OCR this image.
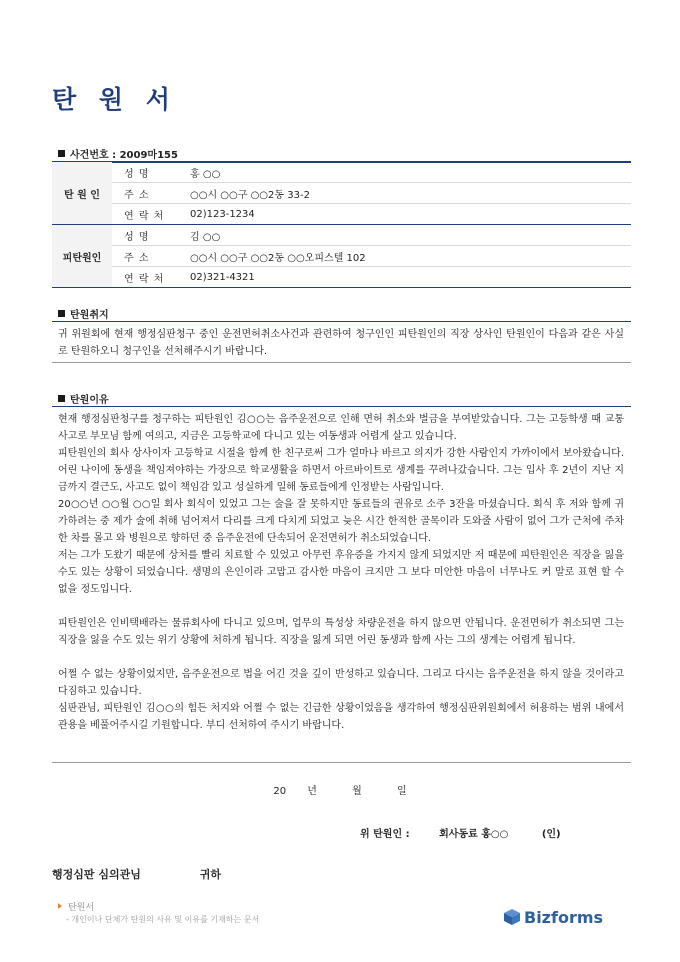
탄 원 서
사건번호 : 2009마155
탄 원 인	성 명	홍 ○○
	주 소	○○시 ○○구 ○○2동 33-2
	연 락 처	02)123-1234
피탄원인	성 명	김 ○○
	주 소	○○시 ○○구 ○○2동 ○○오피스텔 102
	연 락 처	02)321-4321
탄원취지
귀 위원회에 현재 행정심판청구 중인 운전면허취소사건과 관련하여 청구인인 피탄원인의 직장 상사인 탄원인이 다음과 같은 사실로 탄원하오니 청구인을 선처해주시기 바랍니다.
탄원이유

현재 행정심판청구를 청구하는 피탄원인 김○○는 음주운전으로 인해 면허 취소와 벌금을 부여받았습니다. 그는 고등학생 때 교통사고로 부모님 함께 여의고, 지금은 고등학교에 다니고 있는 여동생과 어렵게 살고 있습니다.

피탄원인의 회사 상사이자 고등학교 시절을 함께 한 친구로써 그가 얼마나 바르고 의지가 강한 사람인지 가까이에서 보아왔습니다. 어린 나이에 동생을 책임져야하는 가장으로 학교생활을 하면서 아르바이트로 생계를 꾸려나갔습니다. 그는 입사 후 2년이 지난 지금까지 결근도, 사고도 없이 책임감 있고 성실하게 일해 동료들에게 인정받는 사람입니다.

20○○년 ○○월 ○○일 회사 회식이 있었고 그는 술을 잘 못하지만 동료들의 권유로 소주 3잔을 마셨습니다. 회식 후 저와 함께 귀가하려는 중 제가 술에 취해 넘어져서 다리를 크게 다치게 되었고 늦은 시간 한적한 골목이라 도와줄 사람이 없어 그가 근처에 주차한 차를 몰고 와 병원으로 향하던 중 음주운전에 단속되어 운전면허가 취소되었습니다.

저는 그가 도왔기 때문에 상처를 빨리 치료할 수 있었고 아무런 후유증을 가지지 않게 되었지만 저 때문에 피탄원인은 직장을 잃을 수도 있는 상황이 되었습니다. 생명의 은인이라 고맙고 감사한 마음이 크지만 그 보다 미안한 마음이 너무나도 커 말로 표현 할 수 없을 정도입니다.

피탄원인은 인비택배라는 물류회사에 다니고 있으며, 업무의 특성상 차량운전을 하지 않으면 안됩니다. 운전면허가 취소되면 그는 직장을 잃을 수도 있는 위기 상황에 처하게 됩니다. 직장을 잃게 되면 어린 동생과 함께 사는 그의 생계는 어렵게 됩니다.

어쩔 수 없는 상황이었지만, 음주운전으로 법을 어긴 것을 깊이 반성하고 있습니다. 그리고 다시는 음주운전을 하지 않을 것이라고 다짐하고 있습니다.

심판관님, 피탄원인 김○○의 힘든 처지와 어쩔 수 없는 긴급한 상황이었음을 생각하여 행정심판위원회에서 허용하는 범위 내에서 관용을 베풀어주시길 기원합니다. 부디 선처하여 주시기 바랍니다.

20 년	월	일
위 탄원인 :	회사동료 홍○○	(인)
행정심판 심의관님	귀하
탄원서
- 개인이나 단체가 탄원의 사유 및 이유를 기재하는 문서	Bizforms
